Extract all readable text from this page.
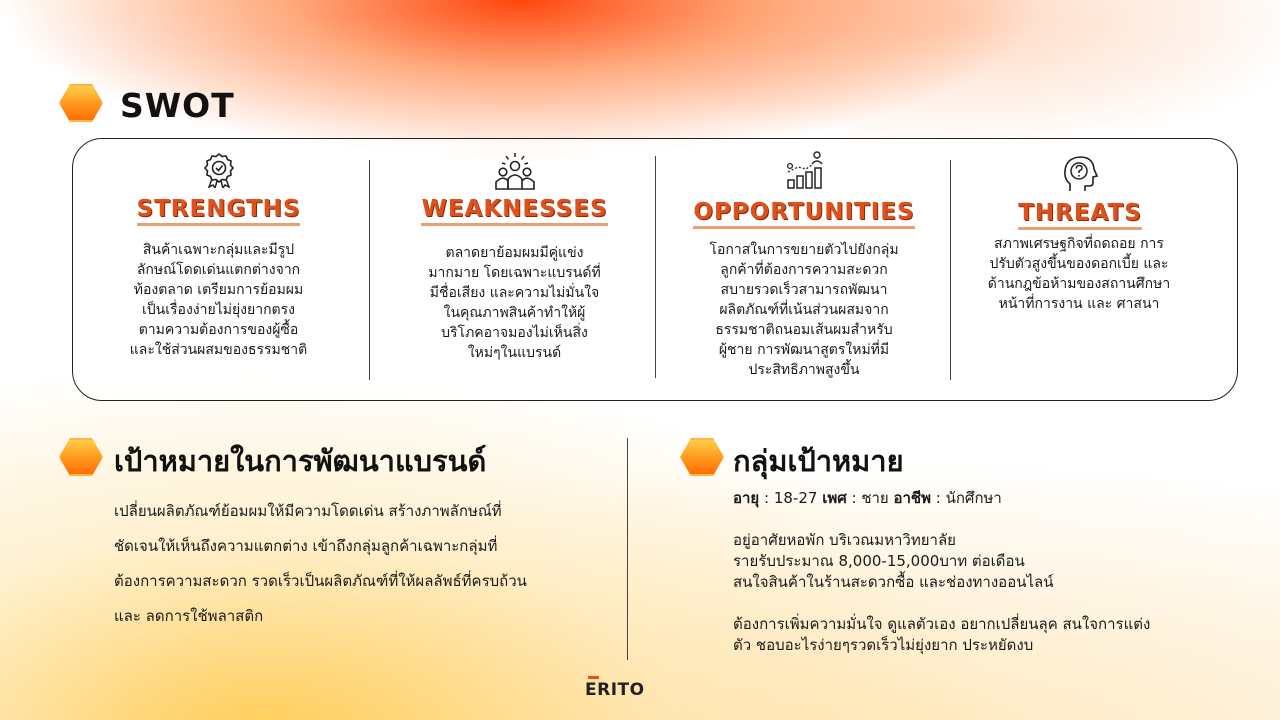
SWOT
STRENGTHS

สินค้าเฉพาะกลุ่มและมีรูป
ลักษณ์โดดเด่นแตกต่างจาก
ท้องตลาด เตรียมการย้อมผม
เป็นเรื่องง่ายไม่ยุ่งยากตรง
ตามความต้องการของผู้ซื้อ
และใช้ส่วนผสมของธรรมชาติ

WEAKNESSES

ตลาดยาย้อมผมมีคู่แข่ง
มากมาย โดยเฉพาะแบรนด์ที่
มีชื่อเสียง และความไม่มั่นใจ
ในคุณภาพสินค้าทำให้ผู้
บริโภคอาจมองไม่เห็นสิ่ง
ใหม่ๆในแบรนด์

OPPORTUNITIES

โอกาสในการขยายตัวไปยังกลุ่ม
ลูกค้าที่ต้องการความสะดวก
สบายรวดเร็วสามารถพัฒนา
ผลิตภัณฑ์ที่เน้นส่วนผสมจาก
ธรรมชาติถนอมเส้นผมสำหรับ
ผู้ชาย การพัฒนาสูตรใหม่ที่มี
ประสิทธิภาพสูงขึ้น

THREATS

สภาพเศรษฐกิจที่ถดถอย การ
ปรับตัวสูงขึ้นของดอกเบี้ย และ
ด้านกฎข้อห้ามของสถานศึกษา
หน้าที่การงาน และ ศาสนา

เป้าหมายในการพัฒนาแบรนด์
เปลี่ยนผลิตภัณฑ์ย้อมผมให้มีความโดดเด่น สร้างภาพลักษณ์ที่
ชัดเจนให้เห็นถึงความแตกต่าง เข้าถึงกลุ่มลูกค้าเฉพาะกลุ่มที่
ต้องการความสะดวก รวดเร็วเป็นผลิตภัณฑ์ที่ให้ผลลัพธ์ที่ครบถ้วน
และ ลดการใช้พลาสติก
กลุ่มเป้าหมาย
อายุ : 18-27 เพศ : ชาย อาชีพ : นักศึกษา
อยู่อาศัยหอพัก บริเวณมหาวิทยาลัย
รายรับประมาณ 8,000-15,000บาท ต่อเดือน
สนใจสินค้าในร้านสะดวกซื้อ และช่องทางออนไลน์
ต้องการเพิ่มความมั่นใจ ดูแลตัวเอง อยากเปลี่ยนลุค สนใจการแต่ง
ตัว ชอบอะไรง่ายๆรวดเร็วไม่ยุ่งยาก ประหยัดงบ
ERITO
